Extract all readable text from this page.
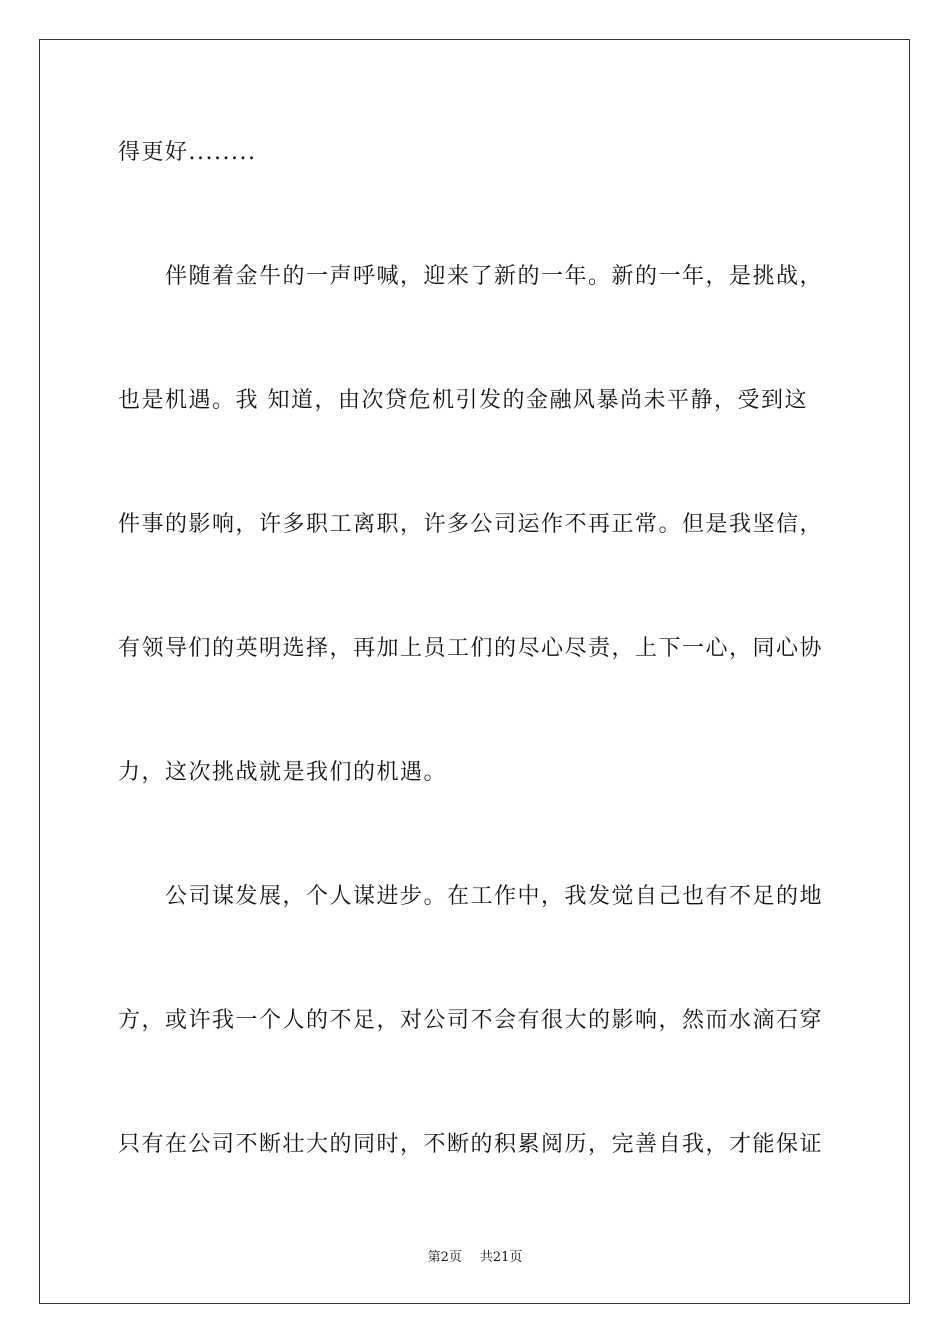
得更好........
　　伴随着金牛的一声呼喊，迎来了新的一年。新的一年，是挑战，
也是机遇。我 知道，由次贷危机引发的金融风暴尚未平静，受到这
件事的影响，许多职工离职，许多公司运作不再正常。但是我坚信，
有领导们的英明选择，再加上员工们的尽心尽责，上下一心，同心协
力，这次挑战就是我们的机遇。
　　公司谋发展，个人谋进步。在工作中，我发觉自己也有不足的地
方，或许我一个人的不足，对公司不会有很大的影响，然而水滴石穿
只有在公司不断壮大的同时，不断的积累阅历，完善自我，才能保证
第2页 共21页
